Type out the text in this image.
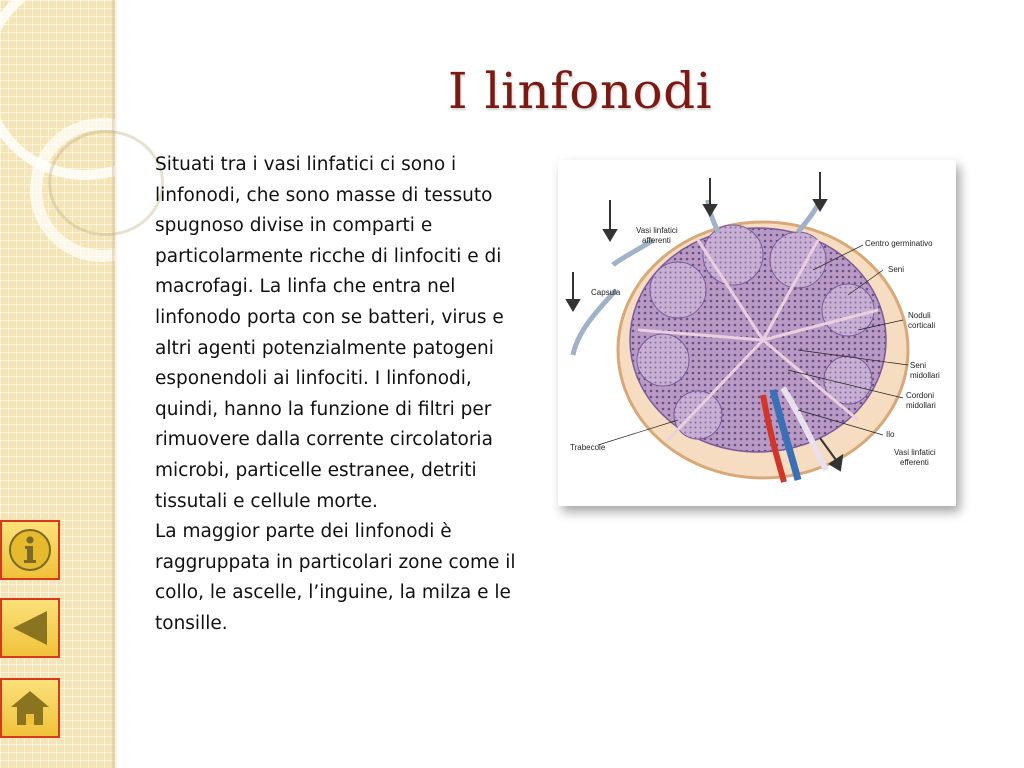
I linfonodi

Situati tra i vasi linfatici ci sono i linfonodi, che sono masse di tessuto spugnoso divise in comparti e particolarmente ricche di linfociti e di macrofagi. La linfa che entra nel linfonodo porta con se batteri, virus e altri agenti potenzialmente patogeni esponendoli ai linfociti. I linfonodi, quindi, hanno la funzione di filtri per rimuovere dalla corrente circolatoria microbi, particelle estranee, detriti tissutali e cellule morte.

La maggior parte dei linfonodi è raggruppata in particolari zone come il collo, le ascelle, l’inguine, la milza e le tonsille.

Vasi linfatici
afferenti
Capsula
Centro germinativo
Seni
Noduli
corticali
Seni
midollari
Cordoni
midollari
Ilo
Trabecole
Vasi linfatici
efferenti
